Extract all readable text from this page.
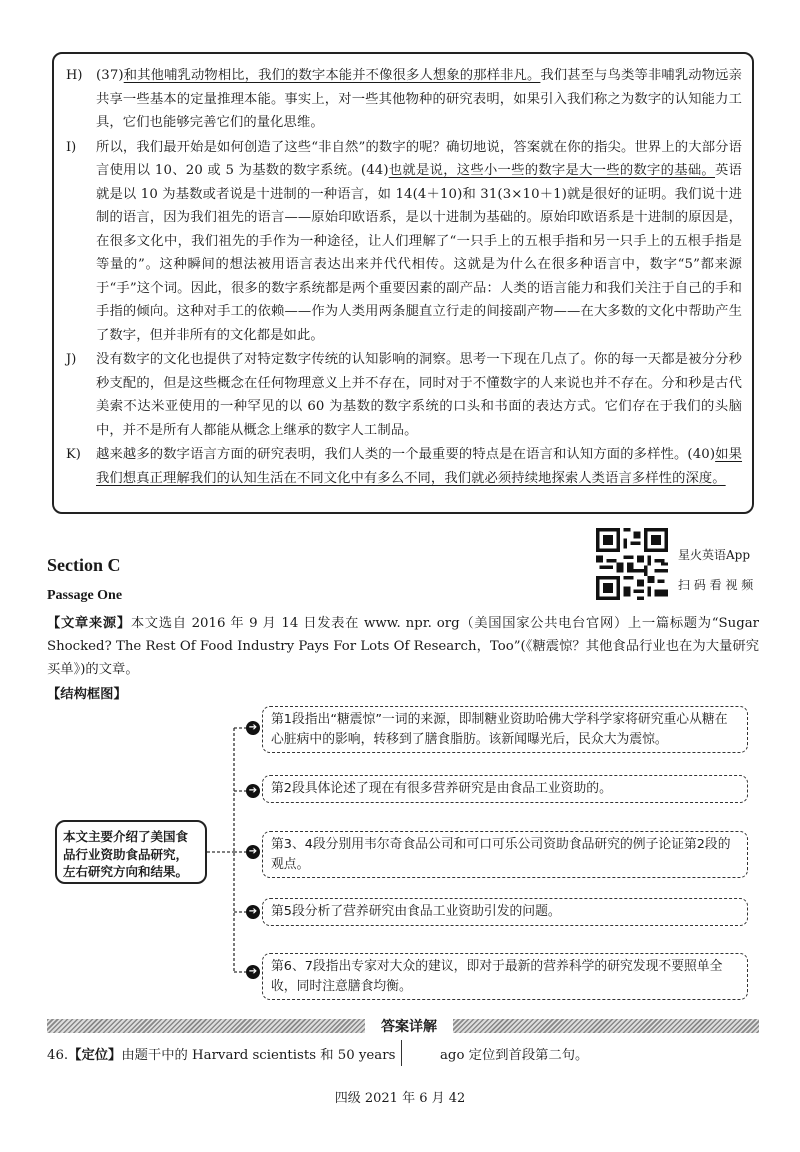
H)	(37)和其他哺乳动物相比，我们的数字本能并不像很多人想象的那样非凡。我们甚至与鸟类等非哺乳动物远亲共享一些基本的定量推理本能。事实上，对一些其他物种的研究表明，如果引入我们称之为数字的认知能力工具，它们也能够完善它们的量化思维。
I)	所以，我们最开始是如何创造了这些“非自然”的数字的呢？确切地说，答案就在你的指尖。世界上的大部分语言使用以 10、20 或 5 为基数的数字系统。(44)也就是说，这些小一些的数字是大一些的数字的基础。英语就是以 10 为基数或者说是十进制的一种语言，如 14(4＋10)和 31(3×10＋1)就是很好的证明。我们说十进制的语言，因为我们祖先的语言——原始印欧语系，是以十进制为基础的。原始印欧语系是十进制的原因是，在很多文化中，我们祖先的手作为一种途径，让人们理解了“一只手上的五根手指和另一只手上的五根手指是等量的”。这种瞬间的想法被用语言表达出来并代代相传。这就是为什么在很多种语言中，数字“5”都来源于“手”这个词。因此，很多的数字系统都是两个重要因素的副产品：人类的语言能力和我们关注于自己的手和手指的倾向。这种对手工的依赖——作为人类用两条腿直立行走的间接副产物——在大多数的文化中帮助产生了数字，但并非所有的文化都是如此。
J)	没有数字的文化也提供了对特定数字传统的认知影响的洞察。思考一下现在几点了。你的每一天都是被分分秒秒支配的，但是这些概念在任何物理意义上并不存在，同时对于不懂数字的人来说也并不存在。分和秒是古代美索不达米亚使用的一种罕见的以 60 为基数的数字系统的口头和书面的表达方式。它们存在于我们的头脑中，并不是所有人都能从概念上继承的数字人工制品。
K)	越来越多的数字语言方面的研究表明，我们人类的一个最重要的特点是在语言和认知方面的多样性。(40)如果我们想真正理解我们的认知生活在不同文化中有多么不同，我们就必须持续地探索人类语言多样性的深度。
Section C
Passage One
星火英语App
扫 码 看 视 频
【文章来源】本文选自 2016 年 9 月 14 日发表在 www. npr. org（美国国家公共电台官网）上一篇标题为“Sugar Shocked? The Rest Of Food Industry Pays For Lots Of Research，Too”(《糖震惊？其他食品行业也在为大量研究买单》)的文章。
【结构框图】
本文主要介绍了美国食品行业资助食品研究，左右研究方向和结果。
➔
➔
➔
➔
➔
第1段指出“糖震惊”一词的来源，即制糖业资助哈佛大学科学家将研究重心从糖在心脏病中的影响，转移到了膳食脂肪。该新闻曝光后，民众大为震惊。
第2段具体论述了现在有很多营养研究是由食品工业资助的。
第3、4段分别用韦尔奇食品公司和可口可乐公司资助食品研究的例子论证第2段的观点。
第5段分析了营养研究由食品工业资助引发的问题。
第6、7段指出专家对大众的建议，即对于最新的营养科学的研究发现不要照单全收，同时注意膳食均衡。
答案详解
46.【定位】由题干中的 Harvard scientists 和 50 years	ago 定位到首段第二句。
四级 2021 年 6 月 42
